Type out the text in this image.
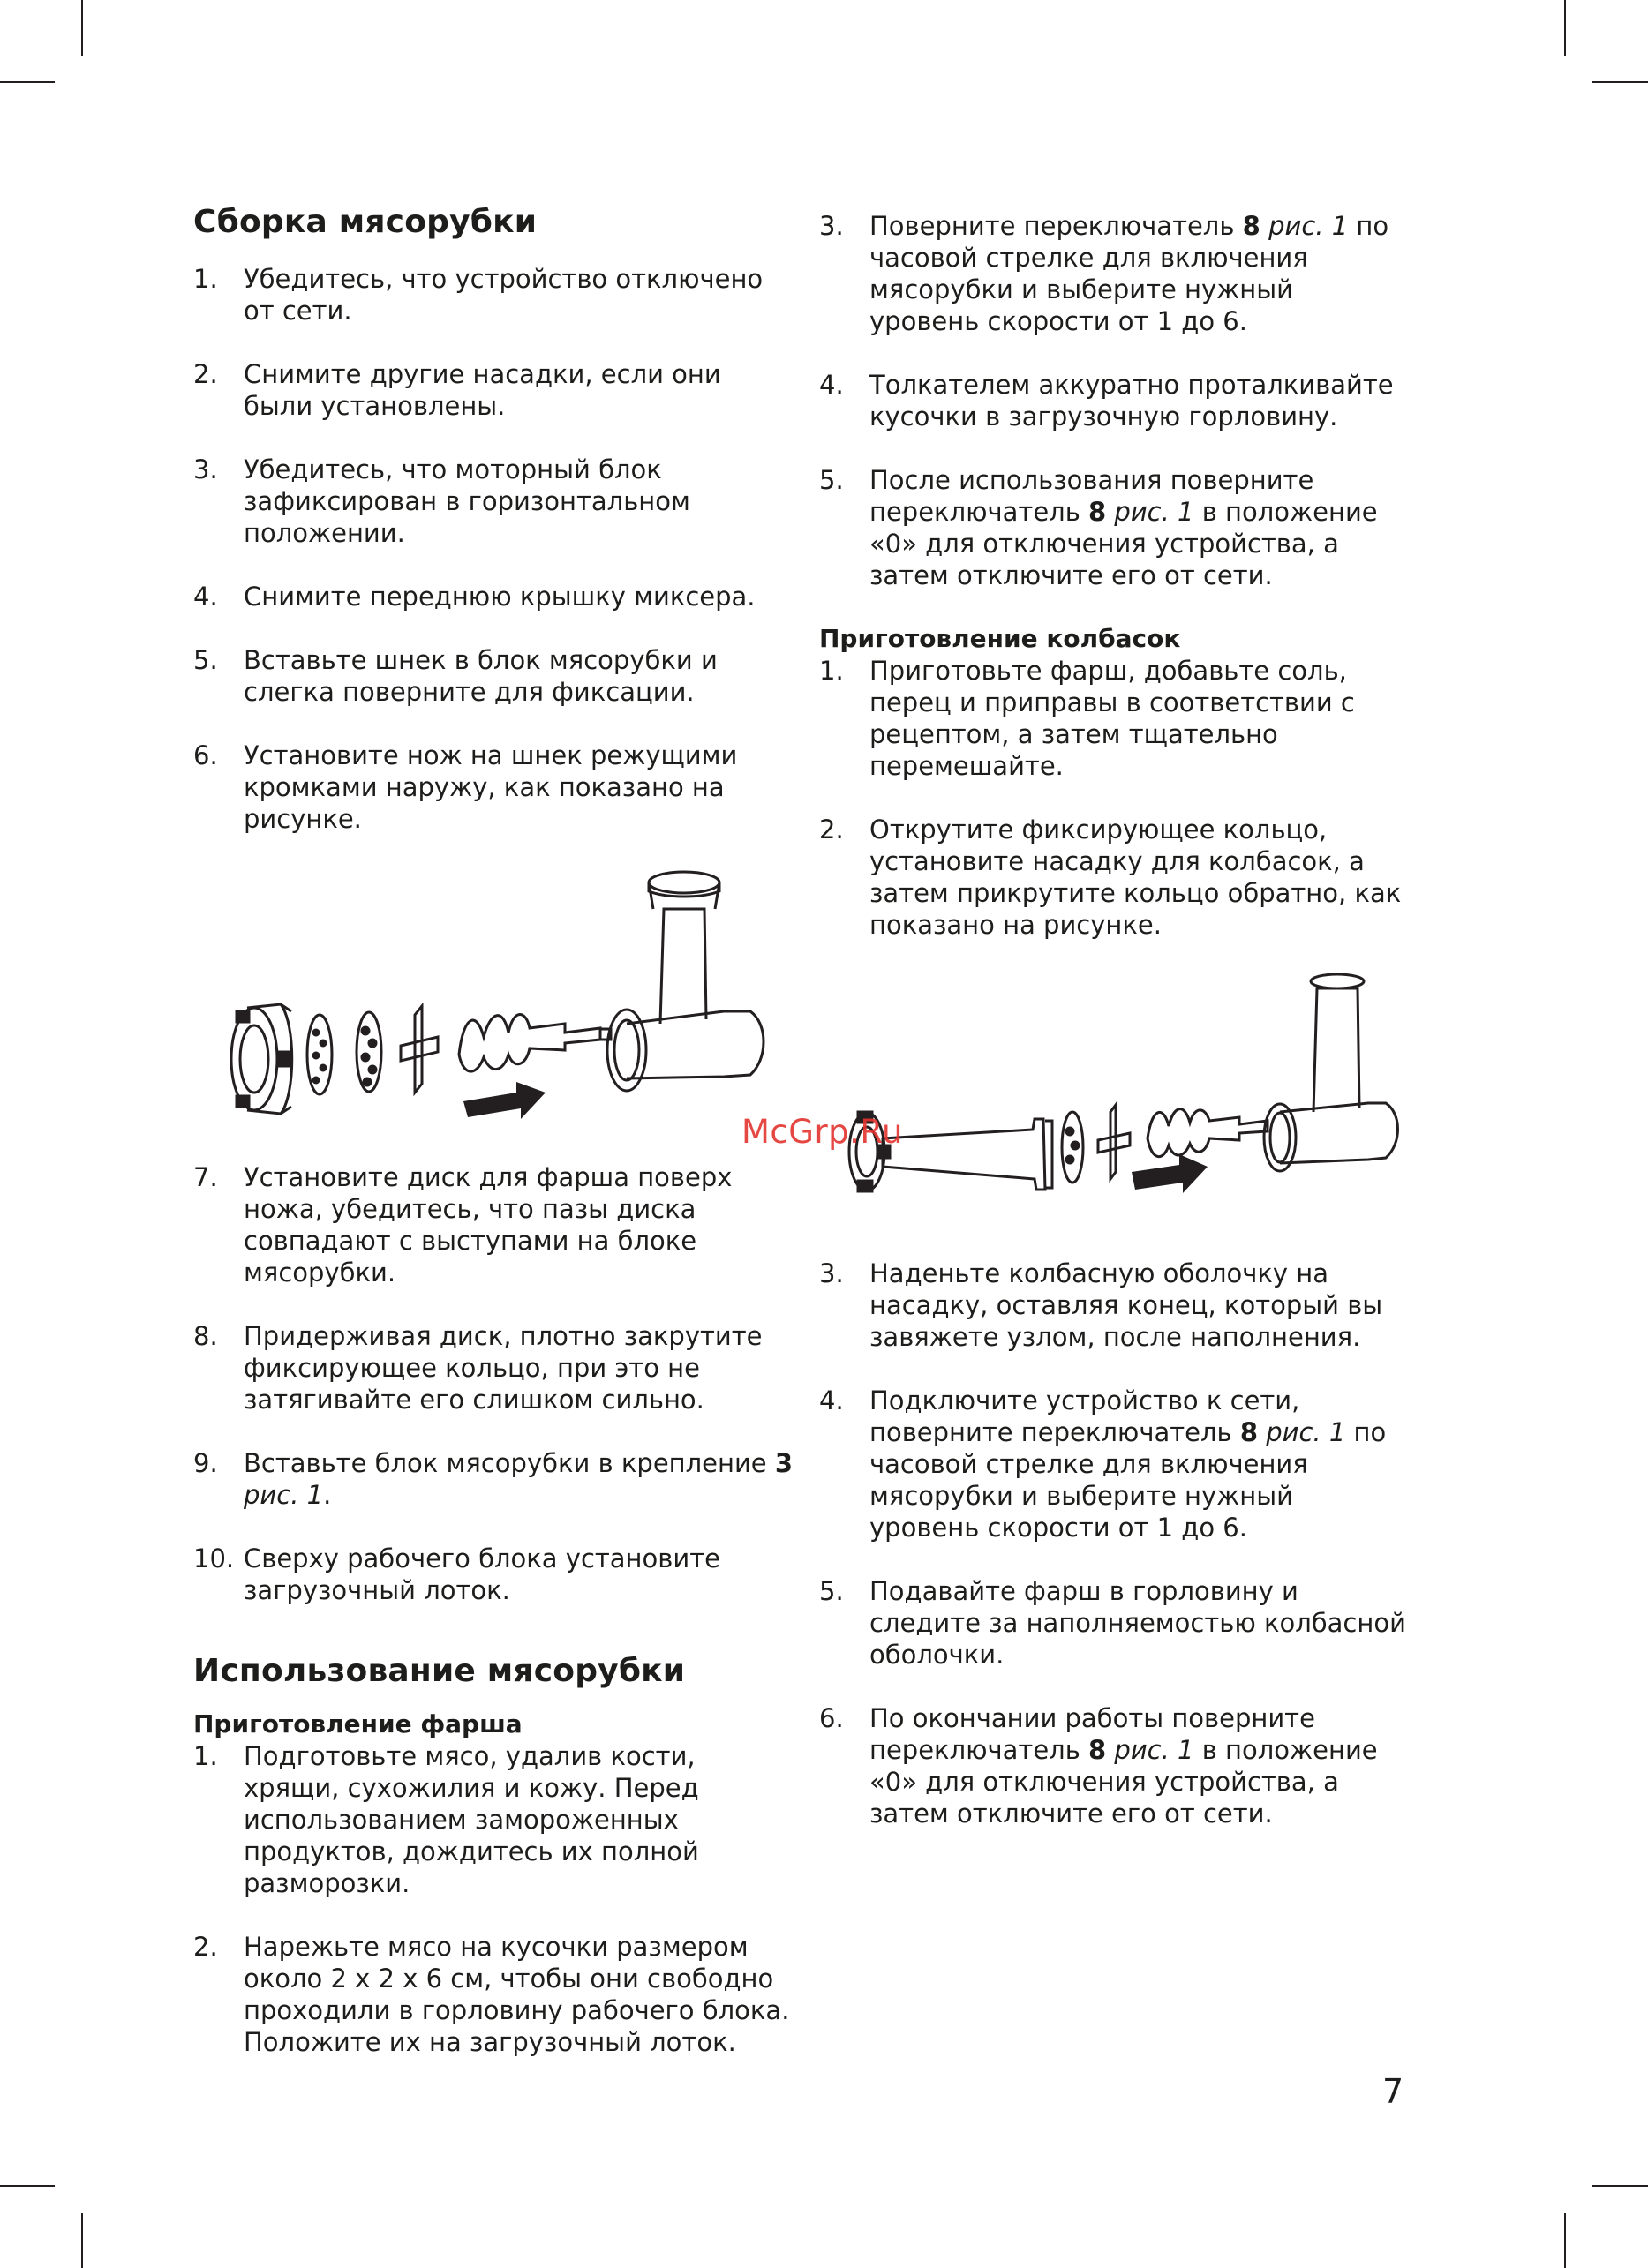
Сборка мясорубки
1. Убедитесь, что устройство отключено от сети.

2. Снимите другие насадки, если они были установлены.

3. Убедитесь, что моторный блок зафиксирован в горизонтальном положении.

4. Снимите переднюю крышку миксера.

5. Вставьте шнек в блок мясорубки и слегка поверните для фиксации.

6. Установите нож на шнек режущими кромками наружу, как показано на рисунке.

7. Установите диск для фарша поверх ножа, убедитесь, что пазы диска совпадают с выступами на блоке мясорубки.

8. Придерживая диск, плотно закрутите фиксирующее кольцо, при это не затягивайте его слишком сильно.

9. Вставьте блок мясорубки в крепление 3 рис. 1.

10. Сверху рабочего блока установите загрузочный лоток.

Использование мясорубки
Приготовление фарша
1. Подготовьте мясо, удалив кости, хрящи, сухожилия и кожу. Перед использованием замороженных продуктов, дождитесь их полной разморозки.

2. Нарежьте мясо на кусочки размером около 2 х 2 х 6 см, чтобы они свободно проходили в горловину рабочего блока. Положите их на загрузочный лоток.

3. Поверните переключатель 8 рис. 1 по часовой стрелке для включения мясорубки и выберите нужный уровень скорости от 1 до 6.

4. Толкателем аккуратно проталкивайте кусочки в загрузочную горловину.

5. После использования поверните переключатель 8 рис. 1 в положение «0» для отключения устройства, а затем отключите его от сети.

Приготовление колбасок
1. Приготовьте фарш, добавьте соль, перец и приправы в соответствии с рецептом, а затем тщательно перемешайте.

2. Открутите фиксирующее кольцо, установите насадку для колбасок, а затем прикрутите кольцо обратно, как показано на рисунке.

McGrp.Ru
3. Наденьте колбасную оболочку на насадку, оставляя конец, который вы завяжете узлом, после наполнения.

4. Подключите устройство к сети, поверните переключатель 8 рис. 1 по часовой стрелке для включения мясорубки и выберите нужный уровень скорости от 1 до 6.

5. Подавайте фарш в горловину и следите за наполняемостью колбасной оболочки.

6. По окончании работы поверните переключатель 8 рис. 1 в положение «0» для отключения устройства, а затем отключите его от сети.

7
